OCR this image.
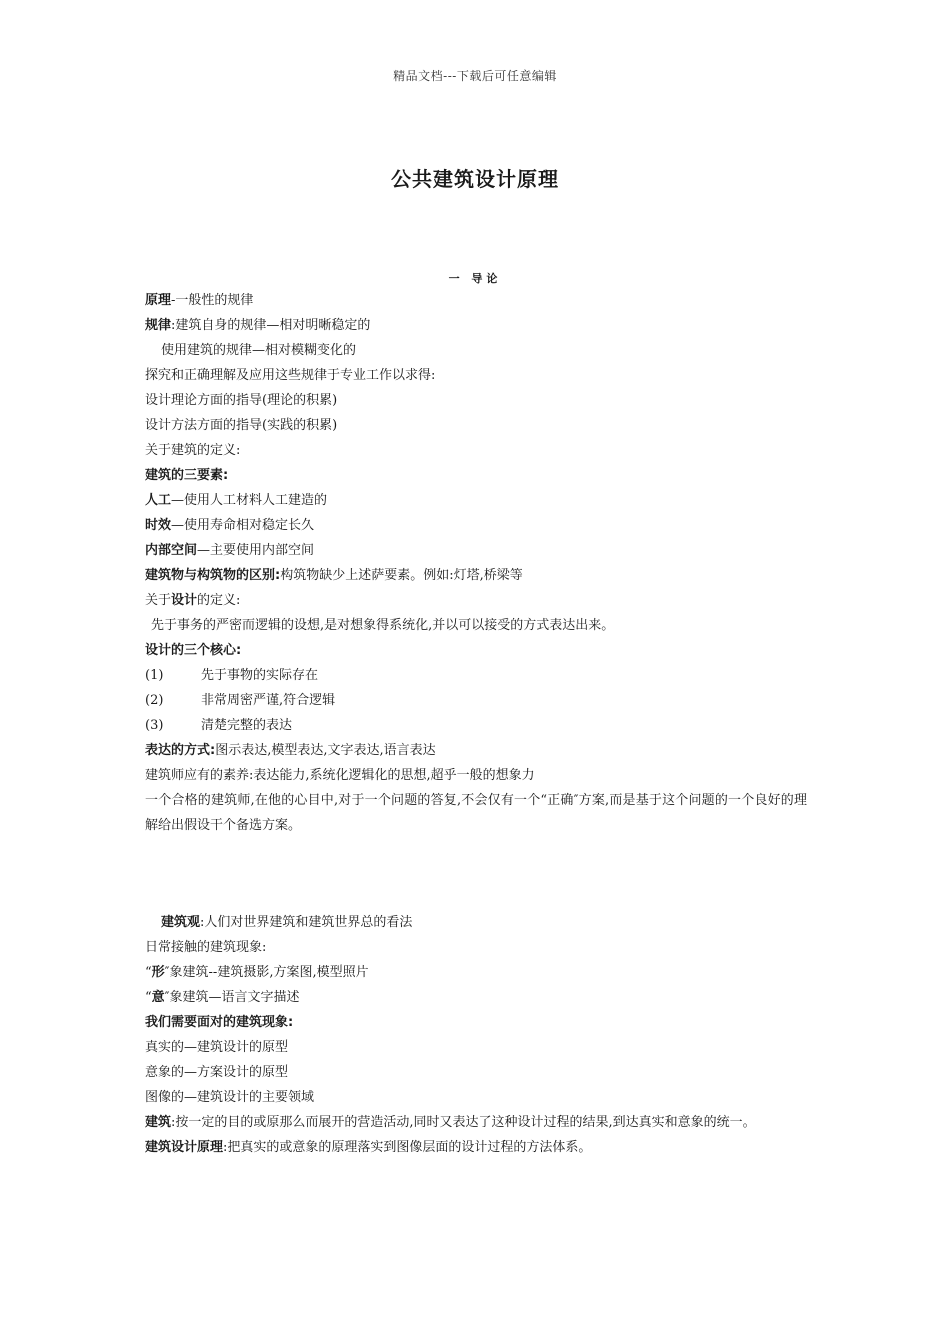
精品文档---下载后可任意编辑
公共建筑设计原理
一 导论
原理-一般性的规律
规律:建筑自身的规律—相对明晰稳定的
使用建筑的规律—相对模糊变化的
探究和正确理解及应用这些规律于专业工作以求得:
设计理论方面的指导(理论的积累)
设计方法方面的指导(实践的积累)
关于建筑的定义:
建筑的三要素:
人工—使用人工材料人工建造的
时效—使用寿命相对稳定长久
内部空间—主要使用内部空间
建筑物与构筑物的区别:构筑物缺少上述萨要素。例如:灯塔,桥梁等
关于设计的定义:
先于事务的严密而逻辑的设想,是对想象得系统化,并以可以接受的方式表达出来。
设计的三个核心:
(1)	先于事物的实际存在
(2)	非常周密严谨,符合逻辑
(3)	清楚完整的表达
表达的方式:图示表达,模型表达,文字表达,语言表达
建筑师应有的素养:表达能力,系统化逻辑化的思想,超乎一般的想象力
一个合格的建筑师,在他的心目中,对于一个问题的答复,不会仅有一个“正确″方案,而是基于这个问题的一个良好的理解给出假设干个备选方案。
建筑观:人们对世界建筑和建筑世界总的看法
日常接触的建筑现象:
“形″象建筑--建筑摄影,方案图,模型照片
“意″象建筑—语言文字描述
我们需要面对的建筑现象:
真实的—建筑设计的原型
意象的—方案设计的原型
图像的—建筑设计的主要领域
建筑:按一定的目的或原那么而展开的营造活动,同时又表达了这种设计过程的结果,到达真实和意象的统一。
建筑设计原理:把真实的或意象的原理落实到图像层面的设计过程的方法体系。
